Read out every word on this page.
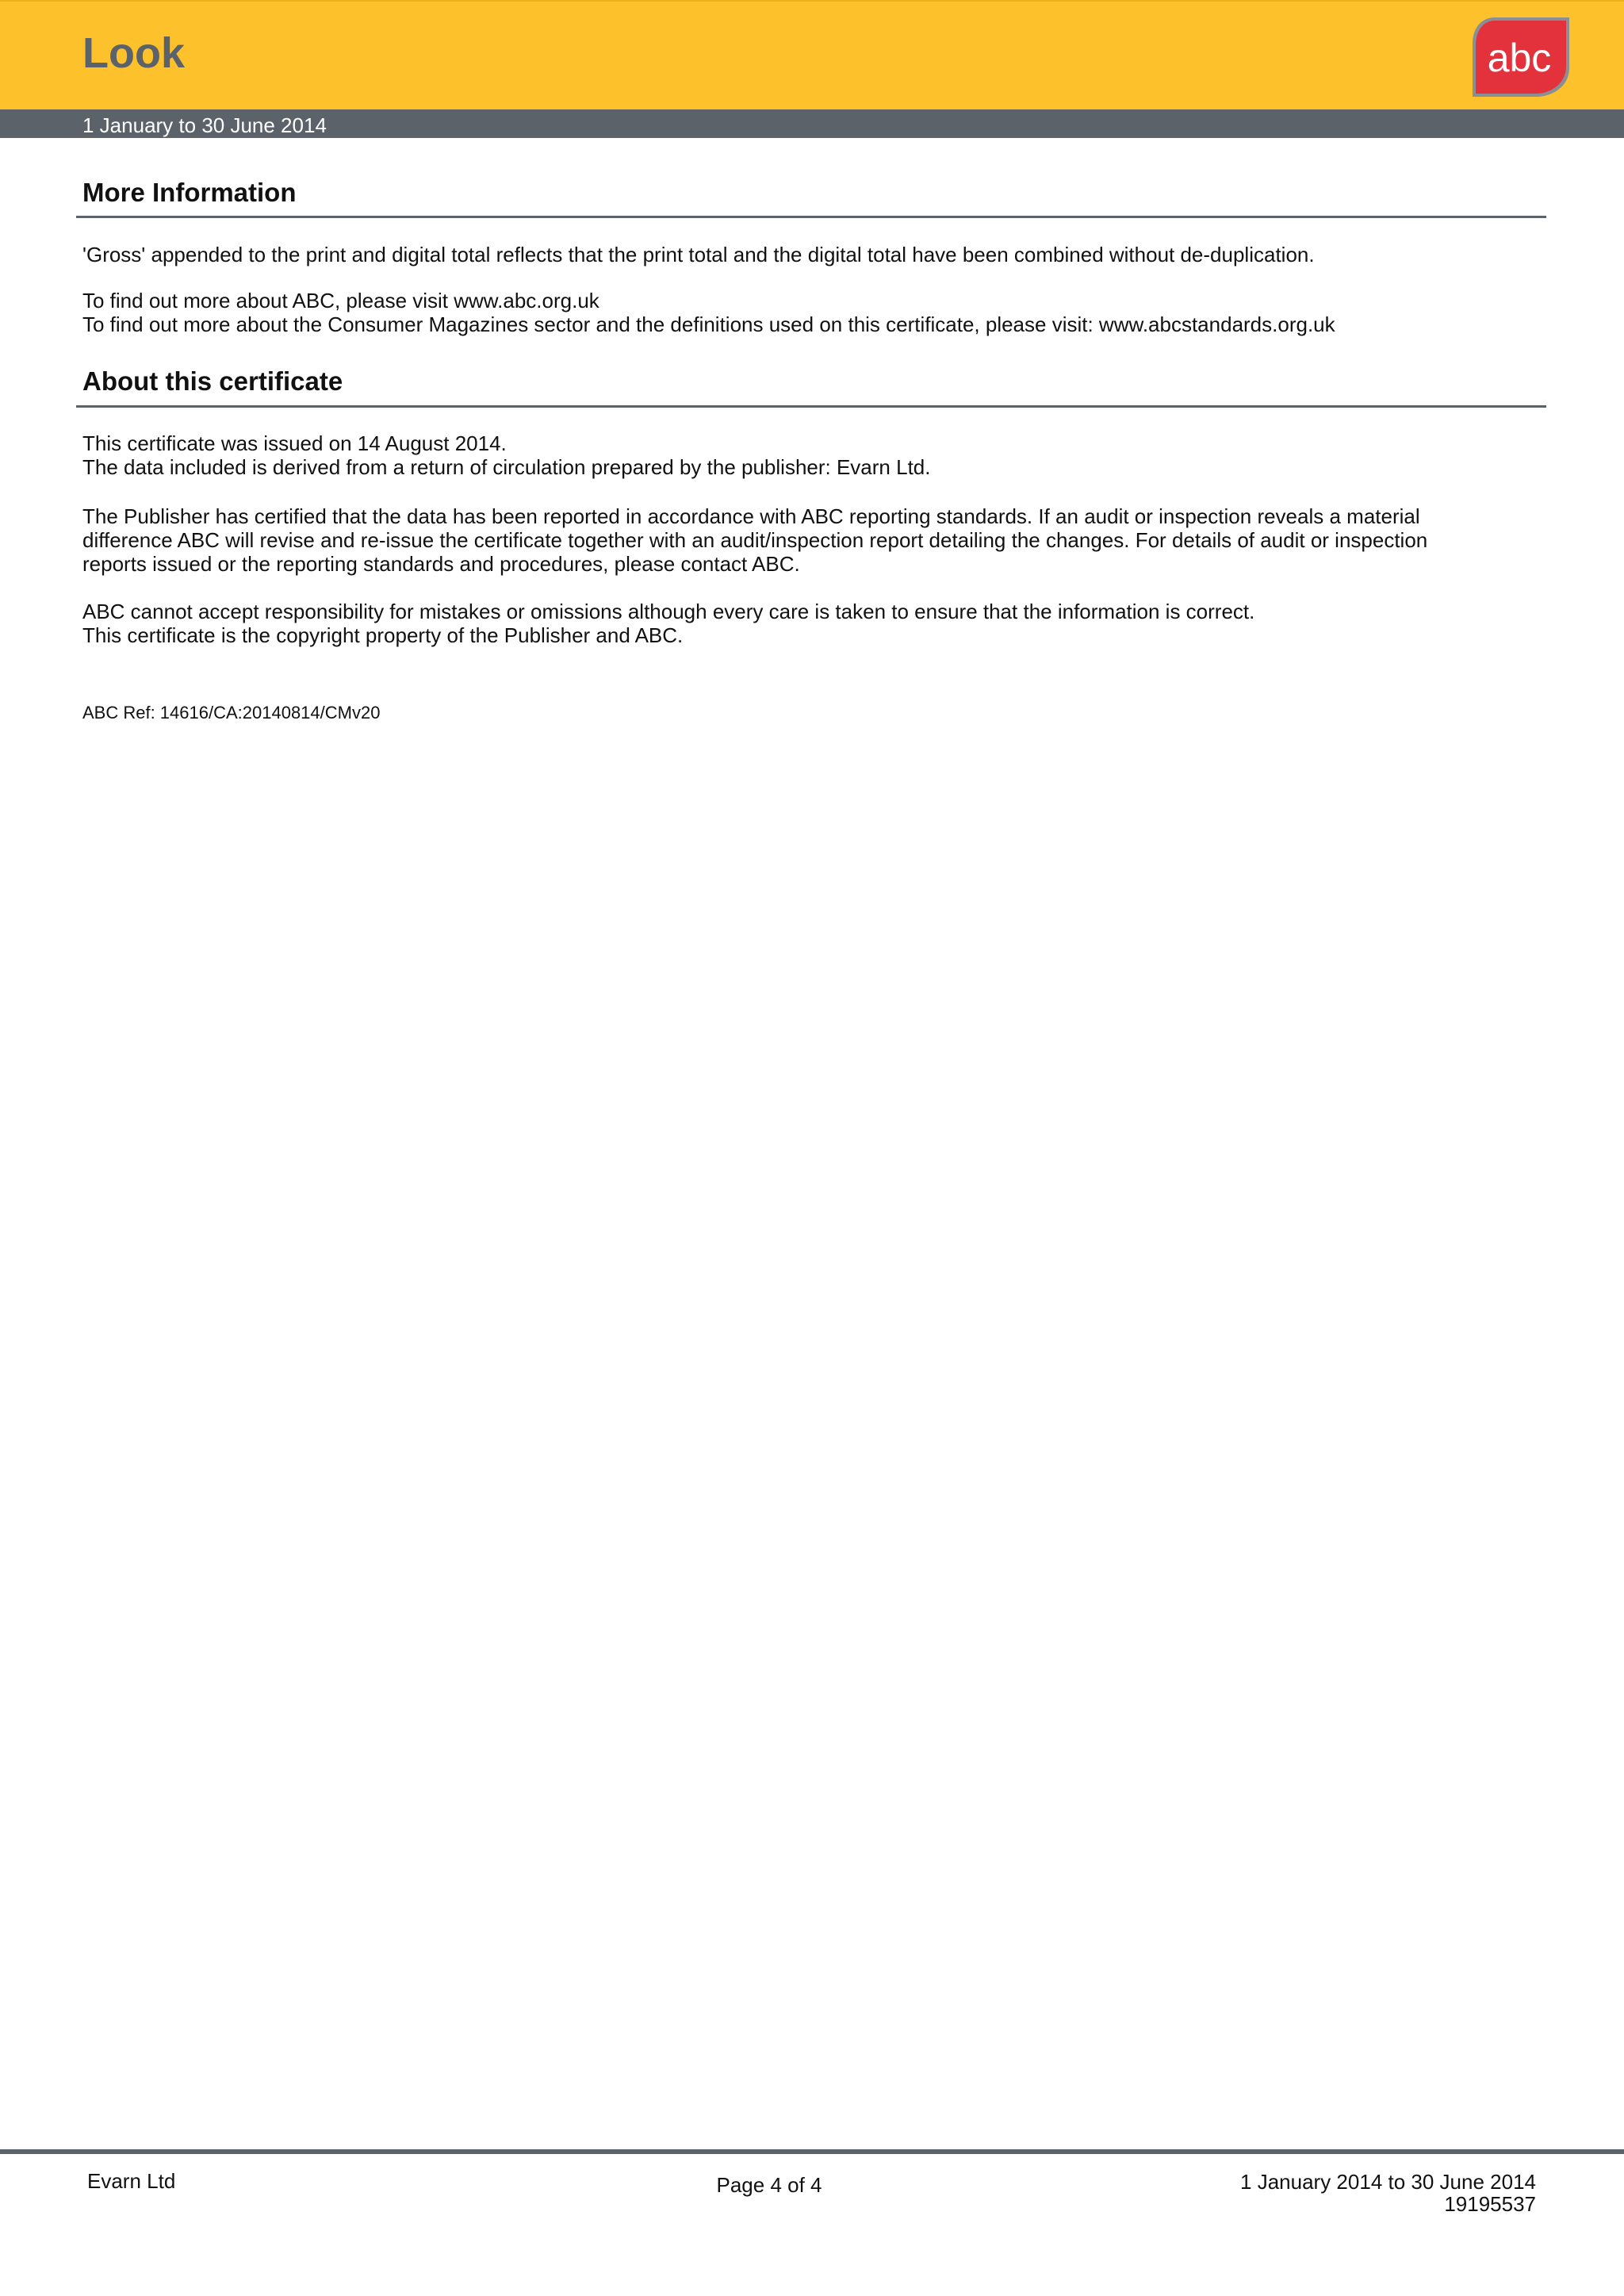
Look	abc
1 January to 30 June 2014
More Information
'Gross' appended to the print and digital total reflects that the print total and the digital total have been combined without de-duplication.
To find out more about ABC, please visit www.abc.org.uk
To find out more about the Consumer Magazines sector and the definitions used on this certificate, please visit: www.abcstandards.org.uk
About this certificate
This certificate was issued on 14 August 2014.
The data included is derived from a return of circulation prepared by the publisher: Evarn Ltd.
The Publisher has certified that the data has been reported in accordance with ABC reporting standards. If an audit or inspection reveals a material
difference ABC will revise and re-issue the certificate together with an audit/inspection report detailing the changes. For details of audit or inspection
reports issued or the reporting standards and procedures, please contact ABC.
ABC cannot accept responsibility for mistakes or omissions although every care is taken to ensure that the information is correct.
This certificate is the copyright property of the Publisher and ABC.
ABC Ref: 14616/CA:20140814/CMv20
Evarn Ltd	Page 4 of 4	1 January 2014 to 30 June 2014
19195537
